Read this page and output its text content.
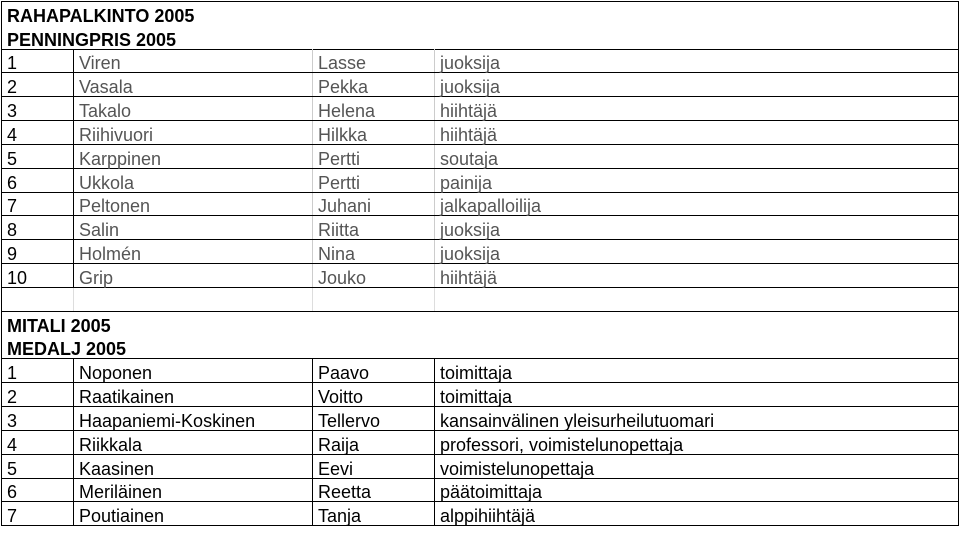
RAHAPALKINTO 2005			
PENNINGPRIS 2005			
1	Viren	Lasse	juoksija
2	Vasala	Pekka	juoksija
3	Takalo	Helena	hiihtäjä
4	Riihivuori	Hilkka	hiihtäjä
5	Karppinen	Pertti	soutaja
6	Ukkola	Pertti	painija
7	Peltonen	Juhani	jalkapalloilija
8	Salin	Riitta	juoksija
9	Holmén	Nina	juoksija
10	Grip	Jouko	hiihtäjä

MITALI 2005			
MEDALJ 2005			
1	Noponen	Paavo	toimittaja
2	Raatikainen	Voitto	toimittaja
3	Haapaniemi-Koskinen	Tellervo	kansainvälinen yleisurheilutuomari
4	Riikkala	Raija	professori, voimistelunopettaja
5	Kaasinen	Eevi	voimistelunopettaja
6	Meriläinen	Reetta	päätoimittaja
7	Poutiainen	Tanja	alppihiihtäjä
